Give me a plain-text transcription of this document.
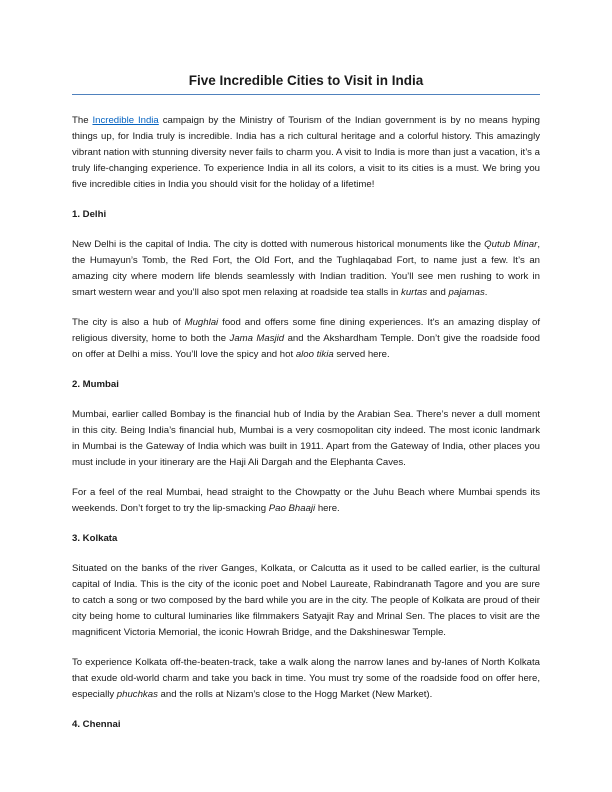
Five Incredible Cities to Visit in India

The Incredible India campaign by the Ministry of Tourism of the Indian government is by no means hyping things up, for India truly is incredible. India has a rich cultural heritage and a colorful history. This amazingly vibrant nation with stunning diversity never fails to charm you. A visit to India is more than just a vacation, it’s a truly life-changing experience. To experience India in all its colors, a visit to its cities is a must. We bring you five incredible cities in India you should visit for the holiday of a lifetime!

1. Delhi

New Delhi is the capital of India. The city is dotted with numerous historical monuments like the Qutub Minar, the Humayun’s Tomb, the Red Fort, the Old Fort, and the Tughlaqabad Fort, to name just a few. It’s an amazing city where modern life blends seamlessly with Indian tradition. You’ll see men rushing to work in smart western wear and you’ll also spot men relaxing at roadside tea stalls in kurtas and pajamas.

The city is also a hub of Mughlai food and offers some fine dining experiences. It's an amazing display of religious diversity, home to both the Jama Masjid and the Akshardham Temple. Don’t give the roadside food on offer at Delhi a miss. You’ll love the spicy and hot aloo tikia served here.

2. Mumbai

Mumbai, earlier called Bombay is the financial hub of India by the Arabian Sea. There’s never a dull moment in this city. Being India’s financial hub, Mumbai is a very cosmopolitan city indeed. The most iconic landmark in Mumbai is the Gateway of India which was built in 1911. Apart from the Gateway of India, other places you must include in your itinerary are the Haji Ali Dargah and the Elephanta Caves.

For a feel of the real Mumbai, head straight to the Chowpatty or the Juhu Beach where Mumbai spends its weekends. Don’t forget to try the lip-smacking Pao Bhaaji here.

3. Kolkata

Situated on the banks of the river Ganges, Kolkata, or Calcutta as it used to be called earlier, is the cultural capital of India. This is the city of the iconic poet and Nobel Laureate, Rabindranath Tagore and you are sure to catch a song or two composed by the bard while you are in the city. The people of Kolkata are proud of their city being home to cultural luminaries like filmmakers Satyajit Ray and Mrinal Sen. The places to visit are the magnificent Victoria Memorial, the iconic Howrah Bridge, and the Dakshineswar Temple.

To experience Kolkata off-the-beaten-track, take a walk along the narrow lanes and by-lanes of North Kolkata that exude old-world charm and take you back in time. You must try some of the roadside food on offer here, especially phuchkas and the rolls at Nizam’s close to the Hogg Market (New Market).

4. Chennai
